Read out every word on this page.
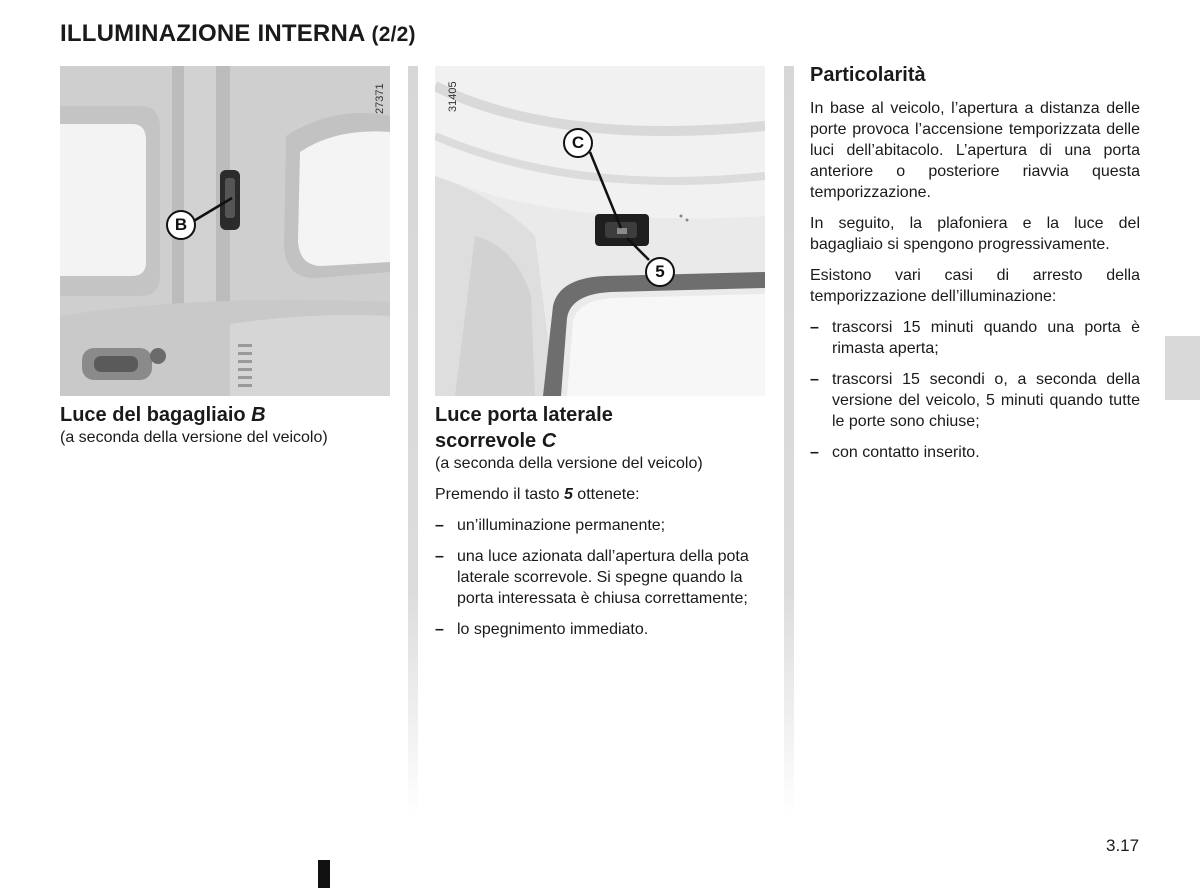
ILLUMINAZIONE INTERNA (2/2)
27371
B

Luce del bagagliaio B

(a seconda della versione del veicolo)

31405
C
5

Luce porta laterale
scorrevole C

(a seconda della versione del veicolo)

Premendo il tasto 5 ottenete:

– un’illuminazione permanente;
– una luce azionata dall’apertura della pota laterale scorrevole. Si spegne quando la porta interessata è chiusa correttamente;
– lo spegnimento immediato.

Particolarità

In base al veicolo, l’apertura a distanza delle porte provoca l’accensione temporizzata delle luci dell’abitacolo. L’apertura di una porta anteriore o posteriore riavvia questa temporizzazione.

In seguito, la plafoniera e la luce del bagagliaio si spengono progressivamente.

Esistono vari casi di arresto della temporizzazione dell’illuminazione:

– trascorsi 15 minuti quando una porta è rimasta aperta;
– trascorsi 15 secondi o, a seconda della versione del veicolo, 5 minuti quando tutte le porte sono chiuse;
– con contatto inserito.
3.17
